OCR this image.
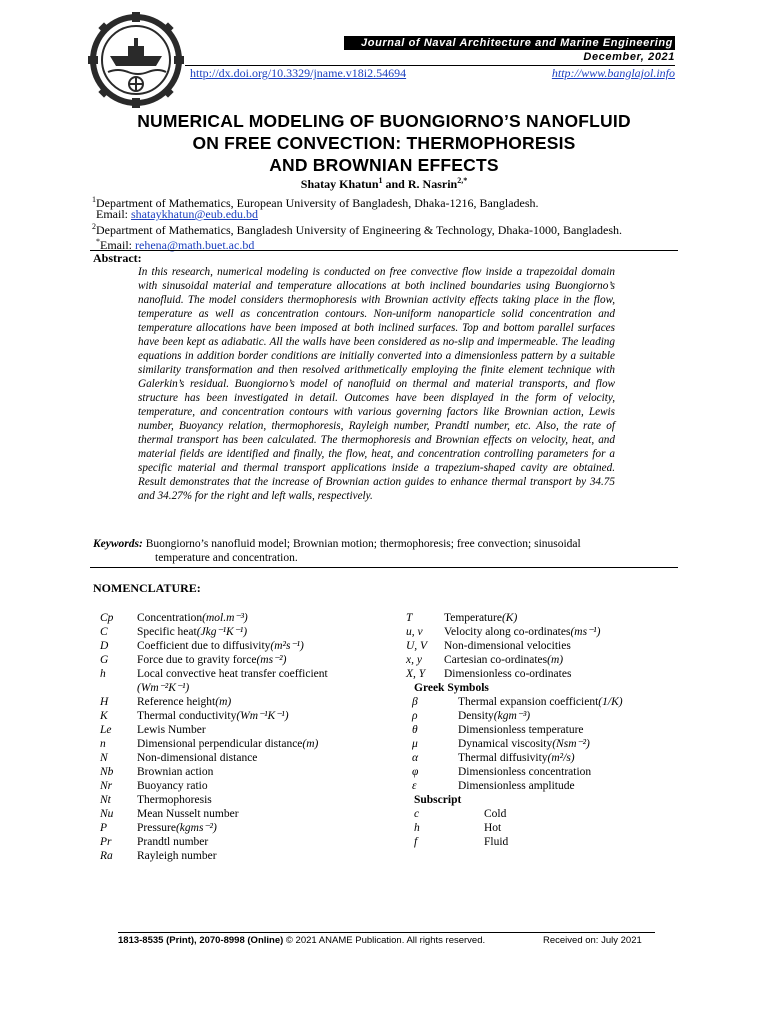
Journal of Naval Architecture and Marine Engineering
December, 2021
http://dx.doi.org/10.3329/jname.v18i2.54694	http://www.banglajol.info
NUMERICAL MODELING OF BUONGIORNO’S NANOFLUID
ON FREE CONVECTION: THERMOPHORESIS
AND BROWNIAN EFFECTS
Shatay Khatun$^1$ and R. Nasrin$^{2,*}$
$^1$Department of Mathematics, European University of Bangladesh, Dhaka-1216, Bangladesh.
Email: shataykhatun@eub.edu.bd
$^2$Department of Mathematics, Bangladesh University of Engineering & Technology, Dhaka-1000, Bangladesh.
*Email: rehena@math.buet.ac.bd
Abstract:
In this research, numerical modeling is conducted on free convective flow inside a trapezoidal domain with sinusoidal material and temperature allocations at both inclined boundaries using Buongiorno’s nanofluid. The model considers thermophoresis with Brownian activity effects taking place in the flow, temperature as well as concentration contours. Non-uniform nanoparticle solid concentration and temperature allocations have been imposed at both inclined surfaces. Top and bottom parallel surfaces have been kept as adiabatic. All the walls have been considered as no-slip and impermeable. The leading equations in addition border conditions are initially converted into a dimensionless pattern by a suitable similarity transformation and then resolved arithmetically employing the finite element technique with Galerkin’s residual. Buongiorno’s model of nanofluid on thermal and material transports, and flow structure has been investigated in detail. Outcomes have been displayed in the form of velocity, temperature, and concentration contours with various governing factors like Brownian action, Lewis number, Buoyancy relation, thermophoresis, Rayleigh number, Prandtl number, etc. Also, the rate of thermal transport has been calculated. The thermophoresis and Brownian effects on velocity, heat, and material fields are identified and finally, the flow, heat, and concentration controlling parameters for a specific material and thermal transport applications inside a trapezium-shaped cavity are obtained. Result demonstrates that the increase of Brownian action guides to enhance thermal transport by 34.75 and 34.27% for the right and left walls, respectively.
Keywords: Buongiorno’s nanofluid model; Brownian motion; thermophoresis; free convection; sinusoidal
temperature and concentration.
NOMENCLATURE:
Cp	Concentration (mol.m⁻³)
C	Specific heat (Jkg⁻¹K⁻¹)
D	Coefficient due to diffusivity (m²s⁻¹)
G	Force due to gravity force (ms⁻²)
h	Local convective heat transfer coefficient
(Wm⁻²K⁻¹)
H	Reference height (m)
K	Thermal conductivity (Wm⁻¹K⁻¹)
Le	Lewis Number
n	Dimensional perpendicular distance (m)
N	Non-dimensional distance
Nb	Brownian action
Nr	Buoyancy ratio
Nt	Thermophoresis
Nu	Mean Nusselt number
P	Pressure (kgms⁻²)
Pr	Prandtl number
Ra	Rayleigh number
T	Temperature (K)
u, v	Velocity along co-ordinates (ms⁻¹)
U, V	Non-dimensional velocities
x, y	Cartesian co-ordinates (m)
X, Y	Dimensionless co-ordinates
Greek Symbols
β	Thermal expansion coefficient (1/K)
ρ	Density (kgm⁻³)
θ	Dimensionless temperature
μ	Dynamical viscosity (Nsm⁻²)
α	Thermal diffusivity (m²/s)
φ	Dimensionless concentration
ε	Dimensionless amplitude
Subscript
c	Cold
h	Hot
f	Fluid
1813-8535 (Print), 2070-8998 (Online) © 2021 ANAME Publication. All rights reserved.	Received on: July 2021
